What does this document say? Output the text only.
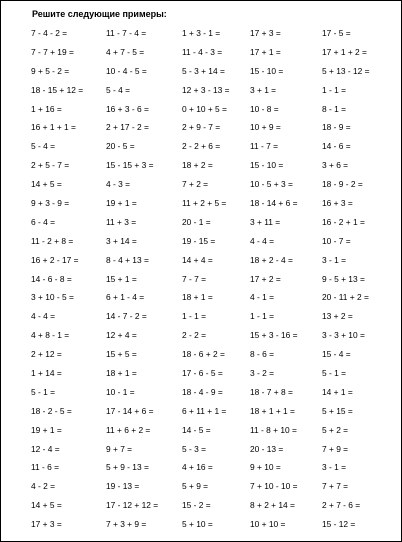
Решите следующие примеры:
7 - 4 - 2 =	11 - 7 - 4 =	1 + 3 - 1 =	17 + 3 =	17 - 5 =
7 - 7 + 19 =	4 + 7 - 5 =	11 - 4 - 3 =	17 + 1 =	17 + 1 + 2 =
9 + 5 - 2 =	10 - 4 - 5 =	5 - 3 + 14 =	15 - 10 =	5 + 13 - 12 =
18 - 15 + 12 =	5 - 4 =	12 + 3 - 13 =	3 + 1 =	1 - 1 =
1 + 16 =	16 + 3 - 6 =	0 + 10 + 5 =	10 - 8 =	8 - 1 =
16 + 1 + 1 =	2 + 17 - 2 =	2 + 9 - 7 =	10 + 9 =	18 - 9 =
5 - 4 =	20 - 5 =	2 - 2 + 6 =	11 - 7 =	14 - 6 =
2 + 5 - 7 =	15 - 15 + 3 =	18 + 2 =	15 - 10 =	3 + 6 =
14 + 5 =	4 - 3 =	7 + 2 =	10 - 5 + 3 =	18 - 9 - 2 =
9 + 3 - 9 =	19 + 1 =	11 + 2 + 5 =	18 - 14 + 6 =	16 + 3 =
6 - 4 =	11 + 3 =	20 - 1 =	3 + 11 =	16 - 2 + 1 =
11 - 2 + 8 =	3 + 14 =	19 - 15 =	4 - 4 =	10 - 7 =
16 + 2 - 17 =	8 - 4 + 13 =	14 + 4 =	18 + 2 - 4 =	3 - 1 =
14 - 6 - 8 =	15 + 1 =	7 - 7 =	17 + 2 =	9 - 5 + 13 =
3 + 10 - 5 =	6 + 1 - 4 =	18 + 1 =	4 - 1 =	20 - 11 + 2 =
4 - 4 =	14 - 7 - 2 =	1 - 1 =	1 - 1 =	13 + 2 =
4 + 8 - 1 =	12 + 4 =	2 - 2 =	15 + 3 - 16 =	3 - 3 + 10 =
2 + 12 =	15 + 5 =	18 - 6 + 2 =	8 - 6 =	15 - 4 =
1 + 14 =	18 + 1 =	17 - 6 - 5 =	3 - 2 =	5 - 1 =
5 - 1 =	10 - 1 =	18 - 4 - 9 =	18 - 7 + 8 =	14 + 1 =
18 - 2 - 5 =	17 - 14 + 6 =	6 + 11 + 1 =	18 + 1 + 1 =	5 + 15 =
19 + 1 =	11 + 6 + 2 =	14 - 5 =	11 - 8 + 10 =	5 + 2 =
12 - 4 =	9 + 7 =	5 - 3 =	20 - 13 =	7 + 9 =
11 - 6 =	5 + 9 - 13 =	4 + 16 =	9 + 10 =	3 - 1 =
4 - 2 =	19 - 13 =	5 + 9 =	7 + 10 - 10 =	7 + 7 =
14 + 5 =	17 - 12 + 12 =	15 - 2 =	8 + 2 + 14 =	2 + 7 - 6 =
17 + 3 =	7 + 3 + 9 =	5 + 10 =	10 + 10 =	15 - 12 =
